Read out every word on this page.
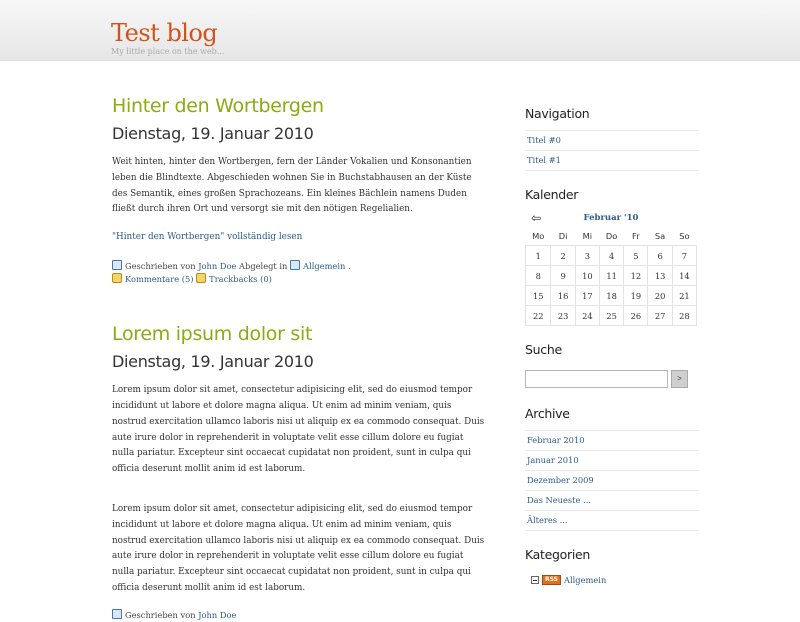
Test blog

My little place on the web...

Hinter den Wortbergen
Dienstag, 19. Januar 2010

Weit hinten, hinter den Wortbergen, fern der Länder Vokalien und Konsonantien leben die Blindtexte. Abgeschieden wohnen Sie in Buchstabhausen an der Küste des Semantik, eines großen Sprachozeans. Ein kleines Bächlein namens Duden fließt durch ihren Ort und versorgt sie mit den nötigen Regelialien.

"Hinter den Wortbergen" vollständig lesen
Geschrieben von John Doe Abgelegt in Allgemein .
Kommentare (5) Trackbacks (0)
Lorem ipsum dolor sit
Dienstag, 19. Januar 2010

Lorem ipsum dolor sit amet, consectetur adipisicing elit, sed do eiusmod tempor incididunt ut labore et dolore magna aliqua. Ut enim ad minim veniam, quis nostrud exercitation ullamco laboris nisi ut aliquip ex ea commodo consequat. Duis aute irure dolor in reprehenderit in voluptate velit esse cillum dolore eu fugiat nulla pariatur. Excepteur sint occaecat cupidatat non proident, sunt in culpa qui officia deserunt mollit anim id est laborum.

Lorem ipsum dolor sit amet, consectetur adipisicing elit, sed do eiusmod tempor incididunt ut labore et dolore magna aliqua. Ut enim ad minim veniam, quis nostrud exercitation ullamco laboris nisi ut aliquip ex ea commodo consequat. Duis aute irure dolor in reprehenderit in voluptate velit esse cillum dolore eu fugiat nulla pariatur. Excepteur sint occaecat cupidatat non proident, sunt in culpa qui officia deserunt mollit anim id est laborum.

Geschrieben von John Doe
Navigation
Titel #0
Titel #1
Kalender
Februar '10
⇦
Mo	Di	Mi	Do	Fr	Sa	So
1	2	3	4	5	6	7
8	9	10	11	12	13	14
15	16	17	18	19	20	21
22	23	24	25	26	27	28
Suche
>
Archive
Februar 2010
Januar 2010
Dezember 2009
Das Neueste ...
Älteres ...
Kategorien
RSS Allgemein
